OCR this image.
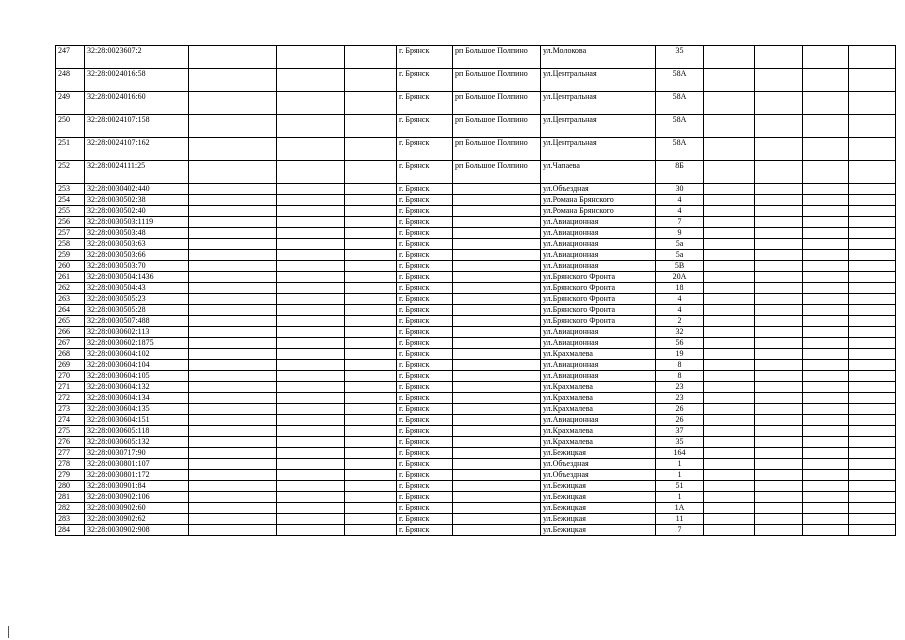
247	32:28:0023607:2				г. Брянск	рп Большое Полпино	ул.Молокова	35				
248	32:28:0024016:58				г. Брянск	рп Большое Полпино	ул.Центральная	58А				
249	32:28:0024016:60				г. Брянск	рп Большое Полпино	ул.Центральная	58А				
250	32:28:0024107:158				г. Брянск	рп Большое Полпино	ул.Центральная	58А				
251	32:28:0024107:162				г. Брянск	рп Большое Полпино	ул.Центральная	58А				
252	32:28:0024111:25				г. Брянск	рп Большое Полпино	ул.Чапаева	8Б				
253	32:28:0030402:440				г. Брянск		ул.Объездная	30				
254	32:28:0030502:38				г. Брянск		ул.Романа Брянского	4				
255	32:28:0030502:40				г. Брянск		ул.Романа Брянского	4				
256	32:28:0030503:1119				г. Брянск		ул.Авиационная	7				
257	32:28:0030503:48				г. Брянск		ул.Авиационная	9				
258	32:28:0030503:63				г. Брянск		ул.Авиационная	5а				
259	32:28:0030503:66				г. Брянск		ул.Авиационная	5а				
260	32:28:0030503:70				г. Брянск		ул.Авиационная	5В				
261	32:28:0030504:1436				г. Брянск		ул.Брянского Фронта	20А				
262	32:28:0030504:43				г. Брянск		ул.Брянского Фронта	18				
263	32:28:0030505:23				г. Брянск		ул.Брянского Фронта	4				
264	32:28:0030505:28				г. Брянск		ул.Брянского Фронта	4				
265	32:28:0030507:488				г. Брянск		ул.Брянского Фронта	2				
266	32:28:0030602:113				г. Брянск		ул.Авиационная	32				
267	32:28:0030602:1875				г. Брянск		ул.Авиационная	56				
268	32:28:0030604:102				г. Брянск		ул.Крахмалева	19				
269	32:28:0030604:104				г. Брянск		ул.Авиационная	8				
270	32:28:0030604:105				г. Брянск		ул.Авиационная	8				
271	32:28:0030604:132				г. Брянск		ул.Крахмалева	23				
272	32:28:0030604:134				г. Брянск		ул.Крахмалева	23				
273	32:28:0030604:135				г. Брянск		ул.Крахмалева	26				
274	32:28:0030604:151				г. Брянск		ул.Авиационная	26				
275	32:28:0030605:118				г. Брянск		ул.Крахмалева	37				
276	32:28:0030605:132				г. Брянск		ул.Крахмалева	35				
277	32:28:0030717:90				г. Брянск		ул.Бежицкая	164				
278	32:28:0030801:107				г. Брянск		ул.Объездная	1				
279	32:28:0030801:172				г. Брянск		ул.Объездная	1				
280	32:28:0030901:84				г. Брянск		ул.Бежицкая	51				
281	32:28:0030902:106				г. Брянск		ул.Бежицкая	1				
282	32:28:0030902:60				г. Брянск		ул.Бежицкая	1А				
283	32:28:0030902:62				г. Брянск		ул.Бежицкая	11				
284	32:28:0030902:908				г. Брянск		ул.Бежицкая	7				
